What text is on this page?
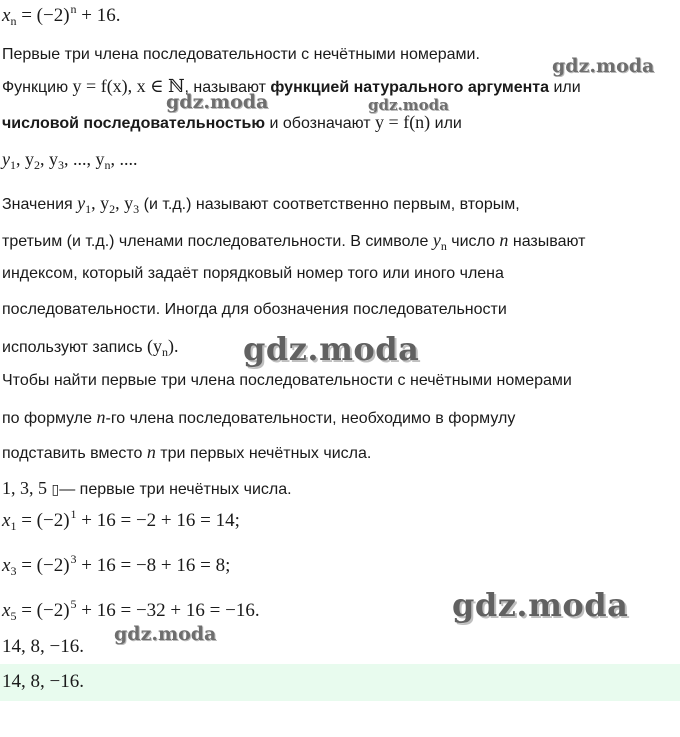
$x_n = (-2)^n + 16$.
Первые три члена последовательности с нечётными номерами.
Функцию y = f(x), x ∈ ℕ, называют функцией натурального аргумента или
числовой последовательностью и обозначают y = f(n) или
$y_1$, $y_2$, $y_3$, ..., $y_n$, ....
Значения $y_1$, $y_2$, $y_3$ (и т.д.) называют соответственно первым, вторым,
третьим (и т.д.) членами последовательности. В символе $y_n$ число n называют
индексом, который задаёт порядковый номер того или иного члена
последовательности. Иногда для обозначения последовательности
используют запись $(y_n)$.
Чтобы найти первые три члена последовательности с нечётными номерами
по формуле n-го члена последовательности, необходимо в формулу
подставить вместо n три первых нечётных числа.
1, 3, 5 ▯— первые три нечётных числа.
$x_1 = (-2)^1 + 16 = -2 + 16 = 14$;
$x_3 = (-2)^3 + 16 = -8 + 16 = 8$;
$x_5 = (-2)^5 + 16 = -32 + 16 = -16$.
14, 8, −16.
14, 8, −16.
gdz.moda
gdz.moda	gdz.moda
gdz.moda
gdz.moda
gdz.moda
